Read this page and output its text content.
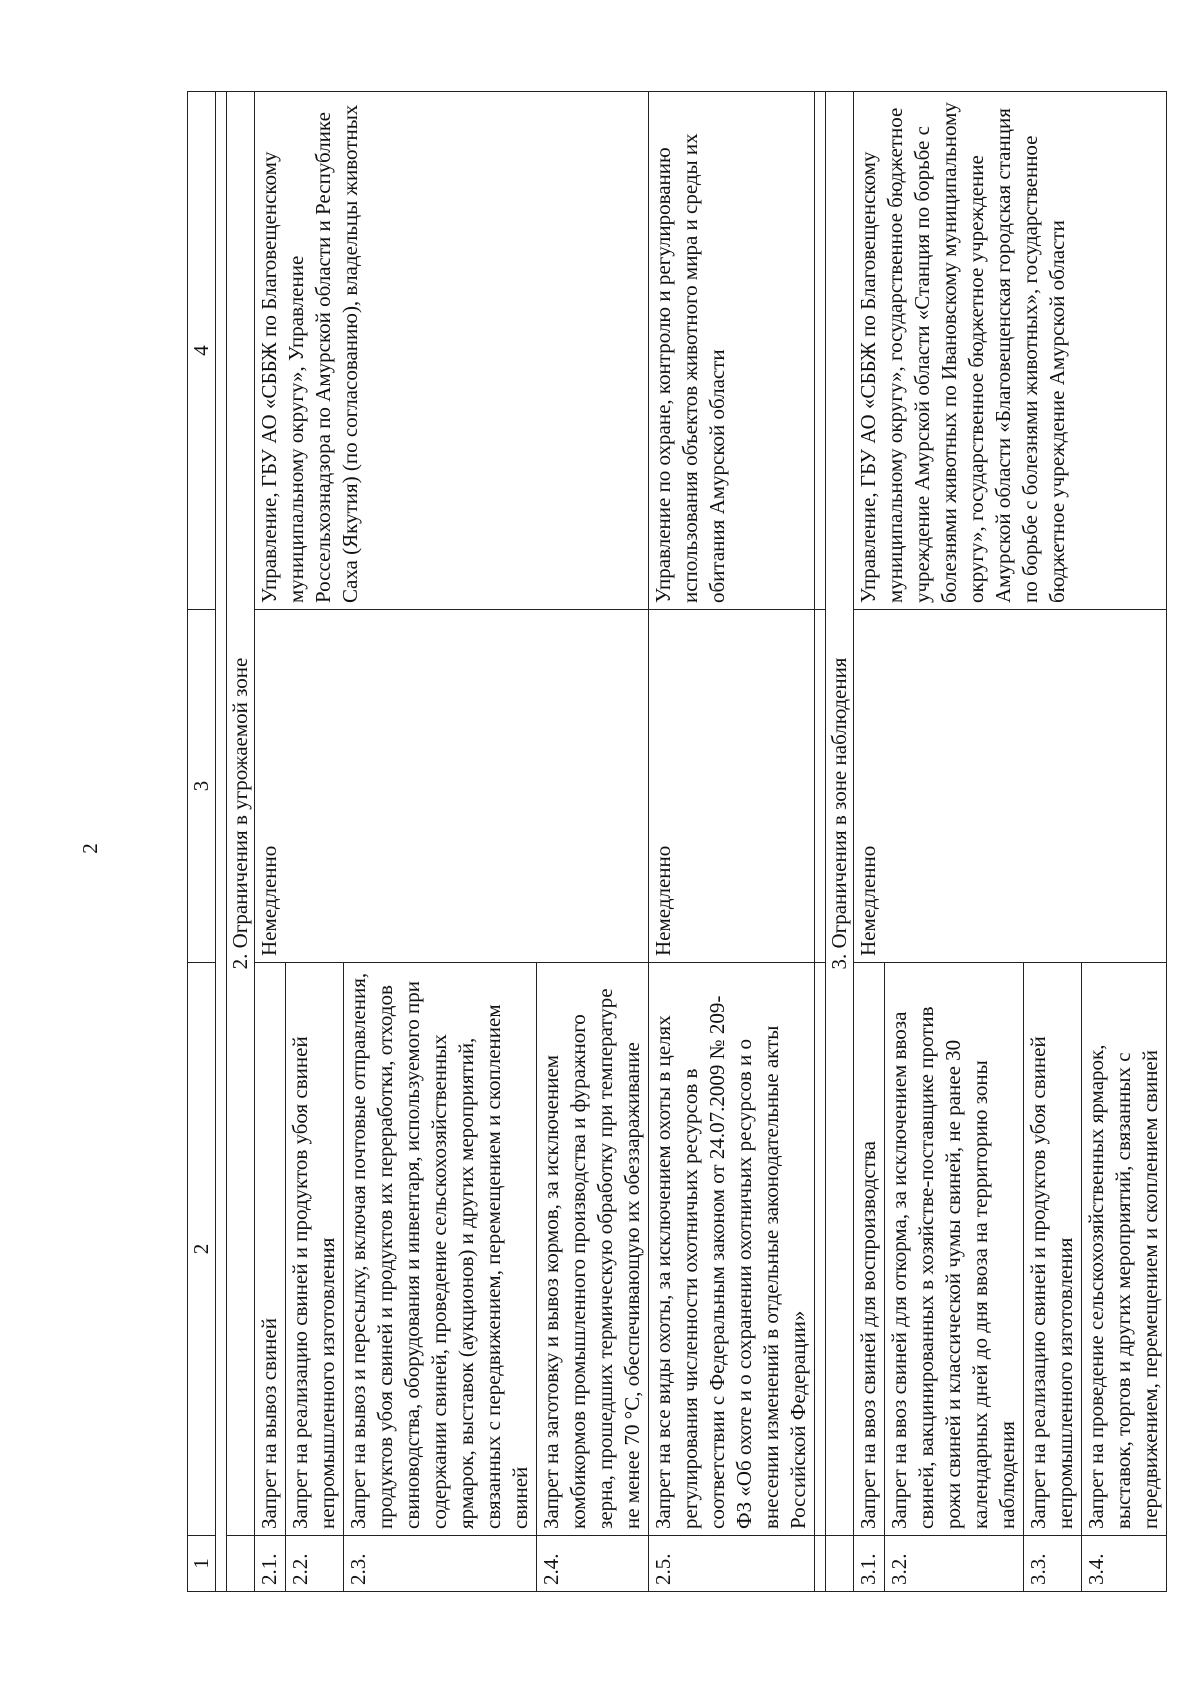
2
1	2	3	4

	2. Ограничения в угрожаемой зоне		
2.1.	Запрет на вывоз свиней	Немедленно	Управление, ГБУ АО «СББЖ по Благовещенскому муниципальному округу», Управление Россельхознадзора по Амурской области и Республике Саха (Якутия) (по согласованию), владельцы животных
2.2.	Запрет на реализацию свиней и продуктов убоя свиней непромышленного изготовления		
2.3.	Запрет на вывоз и пересылку, включая почтовые отправления, продуктов убоя свиней и продуктов их переработки, отходов свиноводства, оборудования и инвентаря, используемого при содержании свиней, проведение сельскохозяйственных ярмарок, выставок (аукционов) и других мероприятий, связанных с передвижением, перемещением и скоплением свиней		
2.4.	Запрет на заготовку и вывоз кормов, за исключением комбикормов промышленного производства и фуражного зерна, прошедших термическую обработку при температуре не менее 70 °С, обеспечивающую их обеззараживание		
2.5.	Запрет на все виды охоты, за исключением охоты в целях регулирования численности охотничьих ресурсов в соответствии с Федеральным законом от 24.07.2009 № 209-ФЗ «Об охоте и о сохранении охотничьих ресурсов и о внесении изменений в отдельные законодательные акты Российской Федерации»	Немедленно	Управление по охране, контролю и регулированию использования объектов животного мира и среды их обитания Амурской области

	3. Ограничения в зоне наблюдения		
3.1.	Запрет на ввоз свиней для воспроизводства	Немедленно	Управление, ГБУ АО «СББЖ по Благовещенскому муниципальному округу», государственное бюджетное учреждение Амурской области «Станция по борьбе с болезнями животных по Ивановскому муниципальному округу», государственное бюджетное учреждение Амурской области «Благовещенская городская станция по борьбе с болезнями животных», государственное бюджетное учреждение Амурской области
3.2.	Запрет на ввоз свиней для откорма, за исключением ввоза свиней, вакцинированных в хозяйстве-поставщике против рожи свиней и классической чумы свиней, не ранее 30 календарных дней до дня ввоза на территорию зоны наблюдения		
3.3.	Запрет на реализацию свиней и продуктов убоя свиней непромышленного изготовления		
3.4.	Запрет на проведение сельскохозяйственных ярмарок, выставок, торгов и других мероприятий, связанных с передвижением, перемещением и скоплением свиней		
